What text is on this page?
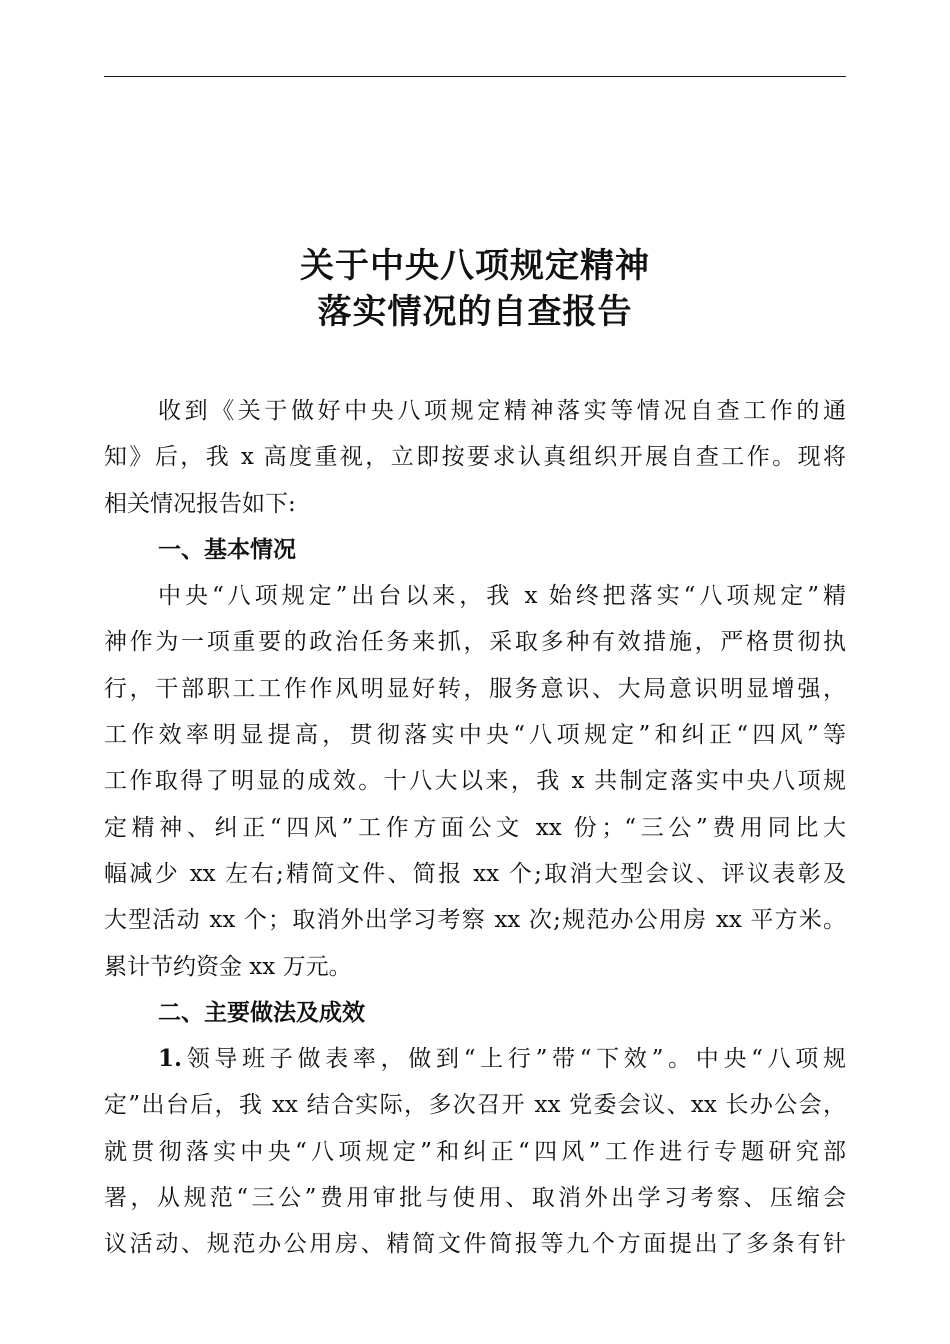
关于中央八项规定精神
落实情况的自查报告
收到《关于做好中央八项规定精神落实等情况自查工作的通
知》后，我 x 高度重视，立即按要求认真组织开展自查工作。现将
相关情况报告如下:
一、基本情况
中央“八项规定”出台以来，我 x 始终把落实“八项规定”精
神作为一项重要的政治任务来抓，采取多种有效措施，严格贯彻执
行，干部职工工作作风明显好转，服务意识、大局意识明显增强，
工作效率明显提高，贯彻落实中央“八项规定”和纠正“四风”等
工作取得了明显的成效。十八大以来，我 x 共制定落实中央八项规
定精神、纠正“四风”工作方面公文 xx 份；“三公”费用同比大
幅减少 xx 左右;精简文件、简报 xx 个;取消大型会议、评议表彰及
大型活动 xx 个；取消外出学习考察 xx 次;规范办公用房 xx 平方米。
累计节约资金 xx 万元。
二、主要做法及成效
1.领导班子做表率，做到“上行”带“下效”。中央“八项规
定”出台后，我 xx 结合实际，多次召开 xx 党委会议、xx 长办公会，
就贯彻落实中央“八项规定”和纠正“四风”工作进行专题研究部
署，从规范“三公”费用审批与使用、取消外出学习考察、压缩会
议活动、规范办公用房、精简文件简报等九个方面提出了多条有针
